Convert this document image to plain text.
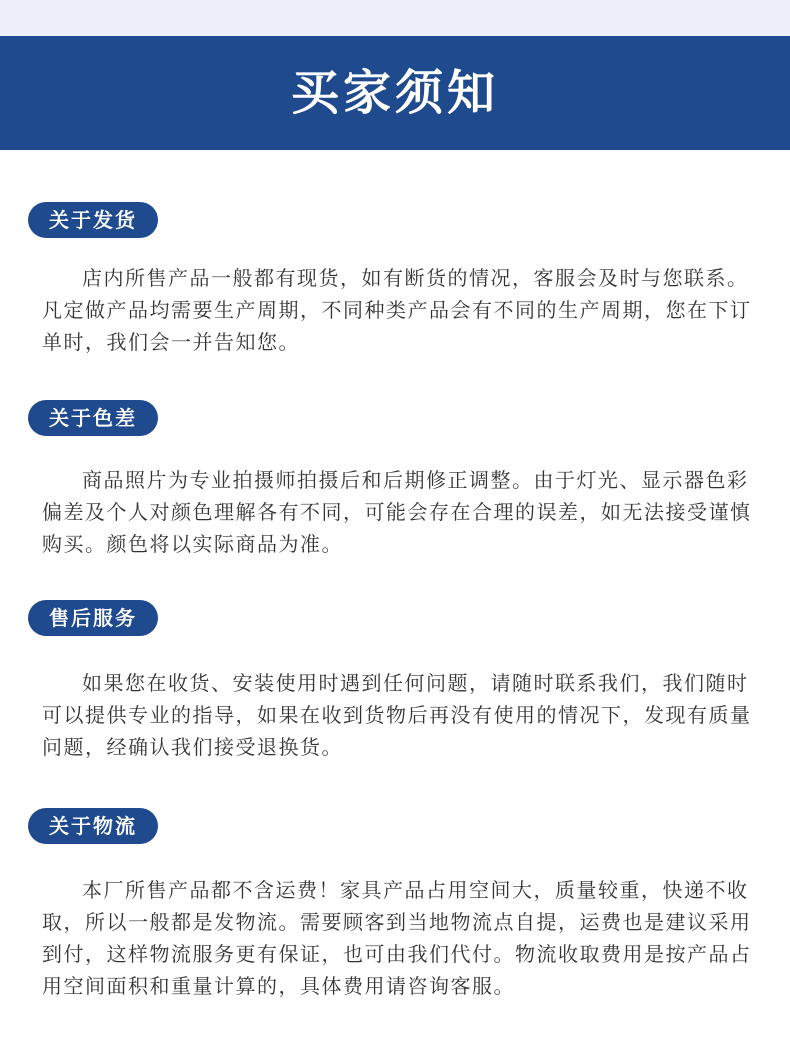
买家须知
关于发货

店内所售产品一般都有现货，如有断货的情况，客服会及时与您联系。凡定做产品均需要生产周期，不同种类产品会有不同的生产周期，您在下订单时，我们会一并告知您。

关于色差

商品照片为专业拍摄师拍摄后和后期修正调整。由于灯光、显示器色彩偏差及个人对颜色理解各有不同，可能会存在合理的误差，如无法接受谨慎购买。颜色将以实际商品为准。

售后服务

如果您在收货、安装使用时遇到任何问题，请随时联系我们，我们随时可以提供专业的指导，如果在收到货物后再没有使用的情况下，发现有质量问题，经确认我们接受退换货。

关于物流

本厂所售产品都不含运费！家具产品占用空间大，质量较重，快递不收取，所以一般都是发物流。需要顾客到当地物流点自提，运费也是建议采用到付，这样物流服务更有保证，也可由我们代付。物流收取费用是按产品占用空间面积和重量计算的，具体费用请咨询客服。
